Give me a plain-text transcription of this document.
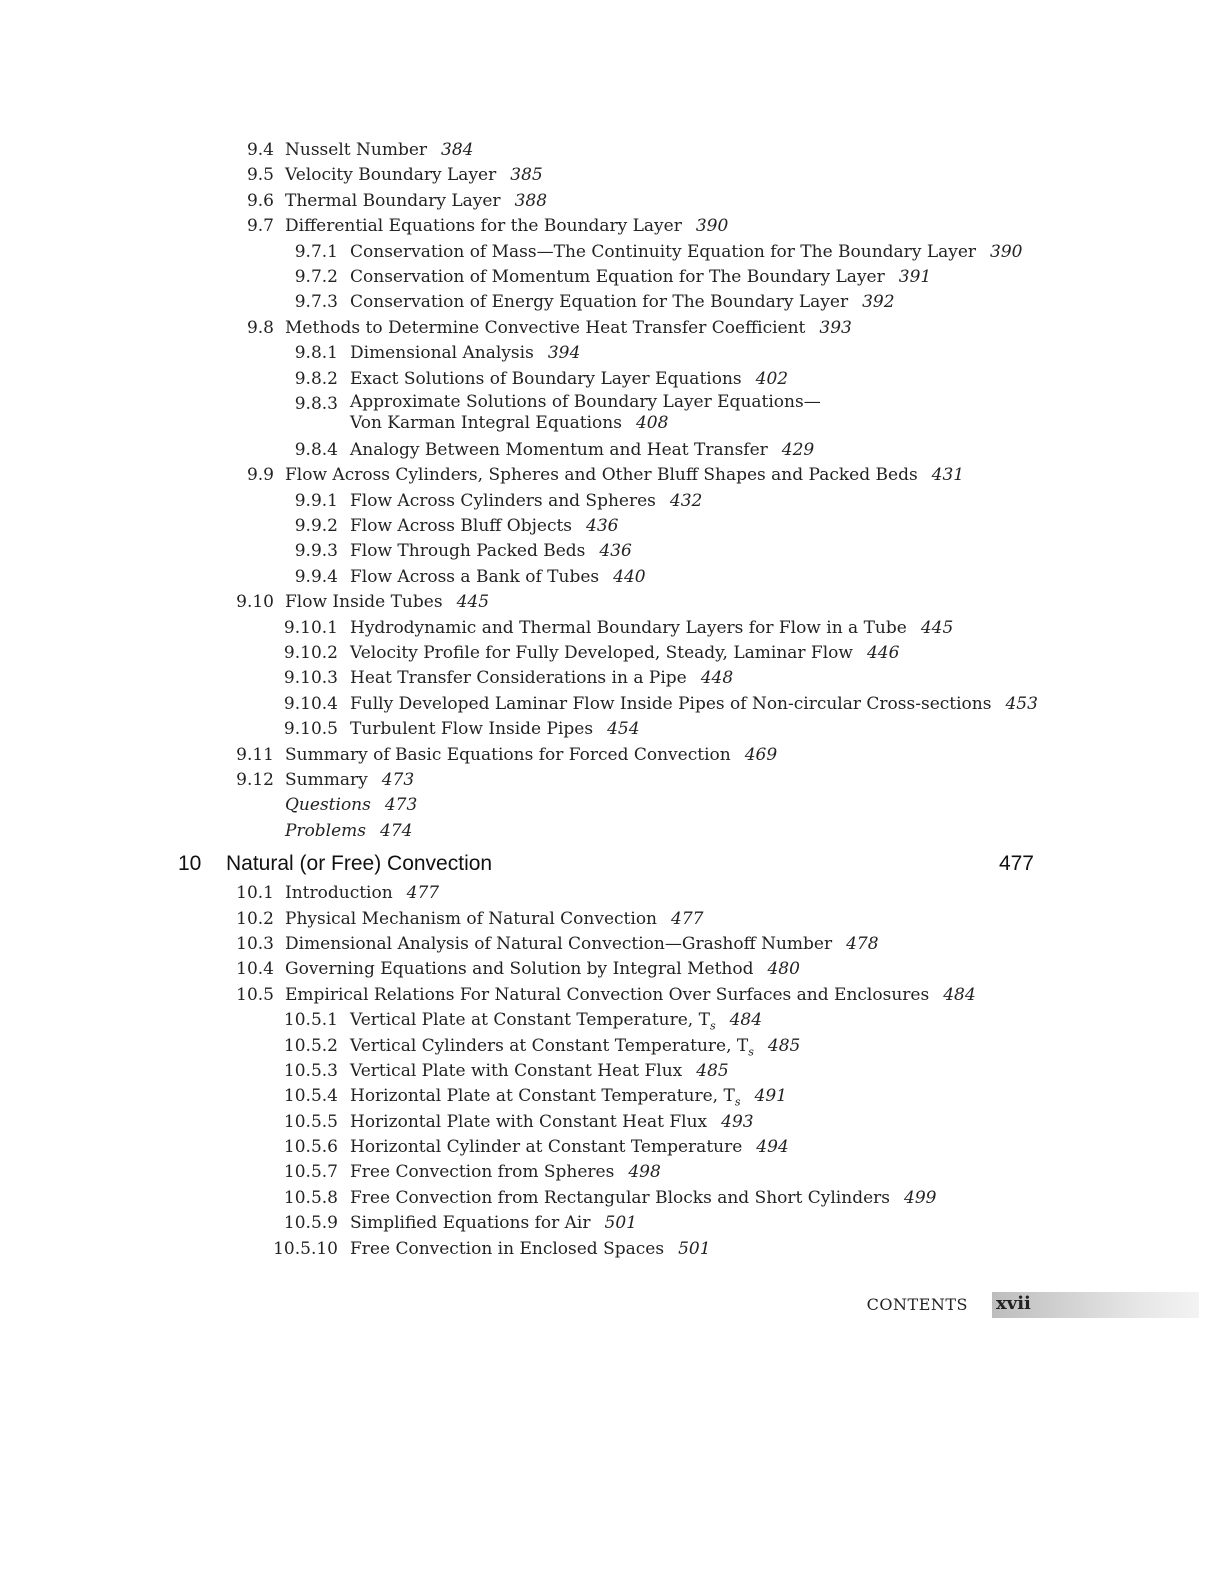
9.4 Nusselt Number 384
9.5 Velocity Boundary Layer 385
9.6 Thermal Boundary Layer 388
9.7 Differential Equations for the Boundary Layer 390
9.7.1 Conservation of Mass—The Continuity Equation for The Boundary Layer 390
9.7.2 Conservation of Momentum Equation for The Boundary Layer 391
9.7.3 Conservation of Energy Equation for The Boundary Layer 392
9.8 Methods to Determine Convective Heat Transfer Coefficient 393
9.8.1 Dimensional Analysis 394
9.8.2 Exact Solutions of Boundary Layer Equations 402
9.8.3 Approximate Solutions of Boundary Layer Equations—
Von Karman Integral Equations 408
9.8.4 Analogy Between Momentum and Heat Transfer 429
9.9 Flow Across Cylinders, Spheres and Other Bluff Shapes and Packed Beds 431
9.9.1 Flow Across Cylinders and Spheres 432
9.9.2 Flow Across Bluff Objects 436
9.9.3 Flow Through Packed Beds 436
9.9.4 Flow Across a Bank of Tubes 440
9.10 Flow Inside Tubes 445
9.10.1 Hydrodynamic and Thermal Boundary Layers for Flow in a Tube 445
9.10.2 Velocity Profile for Fully Developed, Steady, Laminar Flow 446
9.10.3 Heat Transfer Considerations in a Pipe 448
9.10.4 Fully Developed Laminar Flow Inside Pipes of Non-circular Cross-sections 453
9.10.5 Turbulent Flow Inside Pipes 454
9.11 Summary of Basic Equations for Forced Convection 469
9.12 Summary 473
Questions 473
Problems 474
10 Natural (or Free) Convection	477
10.1 Introduction 477
10.2 Physical Mechanism of Natural Convection 477
10.3 Dimensional Analysis of Natural Convection—Grashoff Number 478
10.4 Governing Equations and Solution by Integral Method 480
10.5 Empirical Relations For Natural Convection Over Surfaces and Enclosures 484
10.5.1 Vertical Plate at Constant Temperature, $T_s$ 484
10.5.2 Vertical Cylinders at Constant Temperature, $T_s$ 485
10.5.3 Vertical Plate with Constant Heat Flux 485
10.5.4 Horizontal Plate at Constant Temperature, $T_s$ 491
10.5.5 Horizontal Plate with Constant Heat Flux 493
10.5.6 Horizontal Cylinder at Constant Temperature 494
10.5.7 Free Convection from Spheres 498
10.5.8 Free Convection from Rectangular Blocks and Short Cylinders 499
10.5.9 Simplified Equations for Air 501
10.5.10 Free Convection in Enclosed Spaces 501
CONTENTS xvii
